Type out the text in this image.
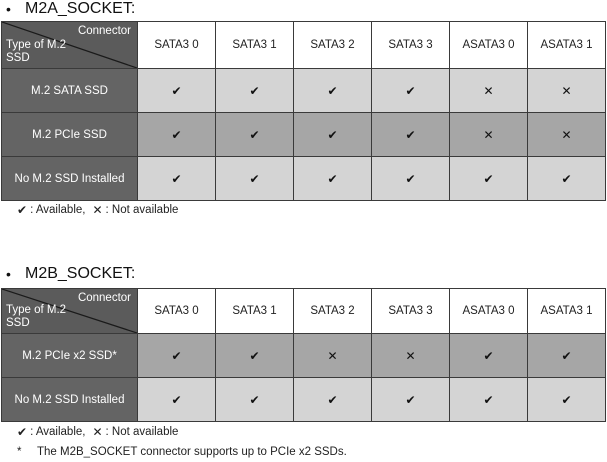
• M2A_SOCKET:
Connector
Type of M.2 SSD	SATA3 0	SATA3 1	SATA3 2	SATA3 3	ASATA3 0	ASATA3 1
M.2 SATA SSD	✔	✔	✔	✔	✕	✕
M.2 PCIe SSD	✔	✔	✔	✔	✕	✕
No M.2 SSD Installed	✔	✔	✔	✔	✔	✔
✔ : Available, ✕ : Not available
• M2B_SOCKET:
Connector
Type of M.2 SSD	SATA3 0	SATA3 1	SATA3 2	SATA3 3	ASATA3 0	ASATA3 1
M.2 PCIe x2 SSD*	✔	✔	✕	✕	✔	✔
No M.2 SSD Installed	✔	✔	✔	✔	✔	✔
✔ : Available, ✕ : Not available
* The M2B_SOCKET connector supports up to PCIe x2 SSDs.
